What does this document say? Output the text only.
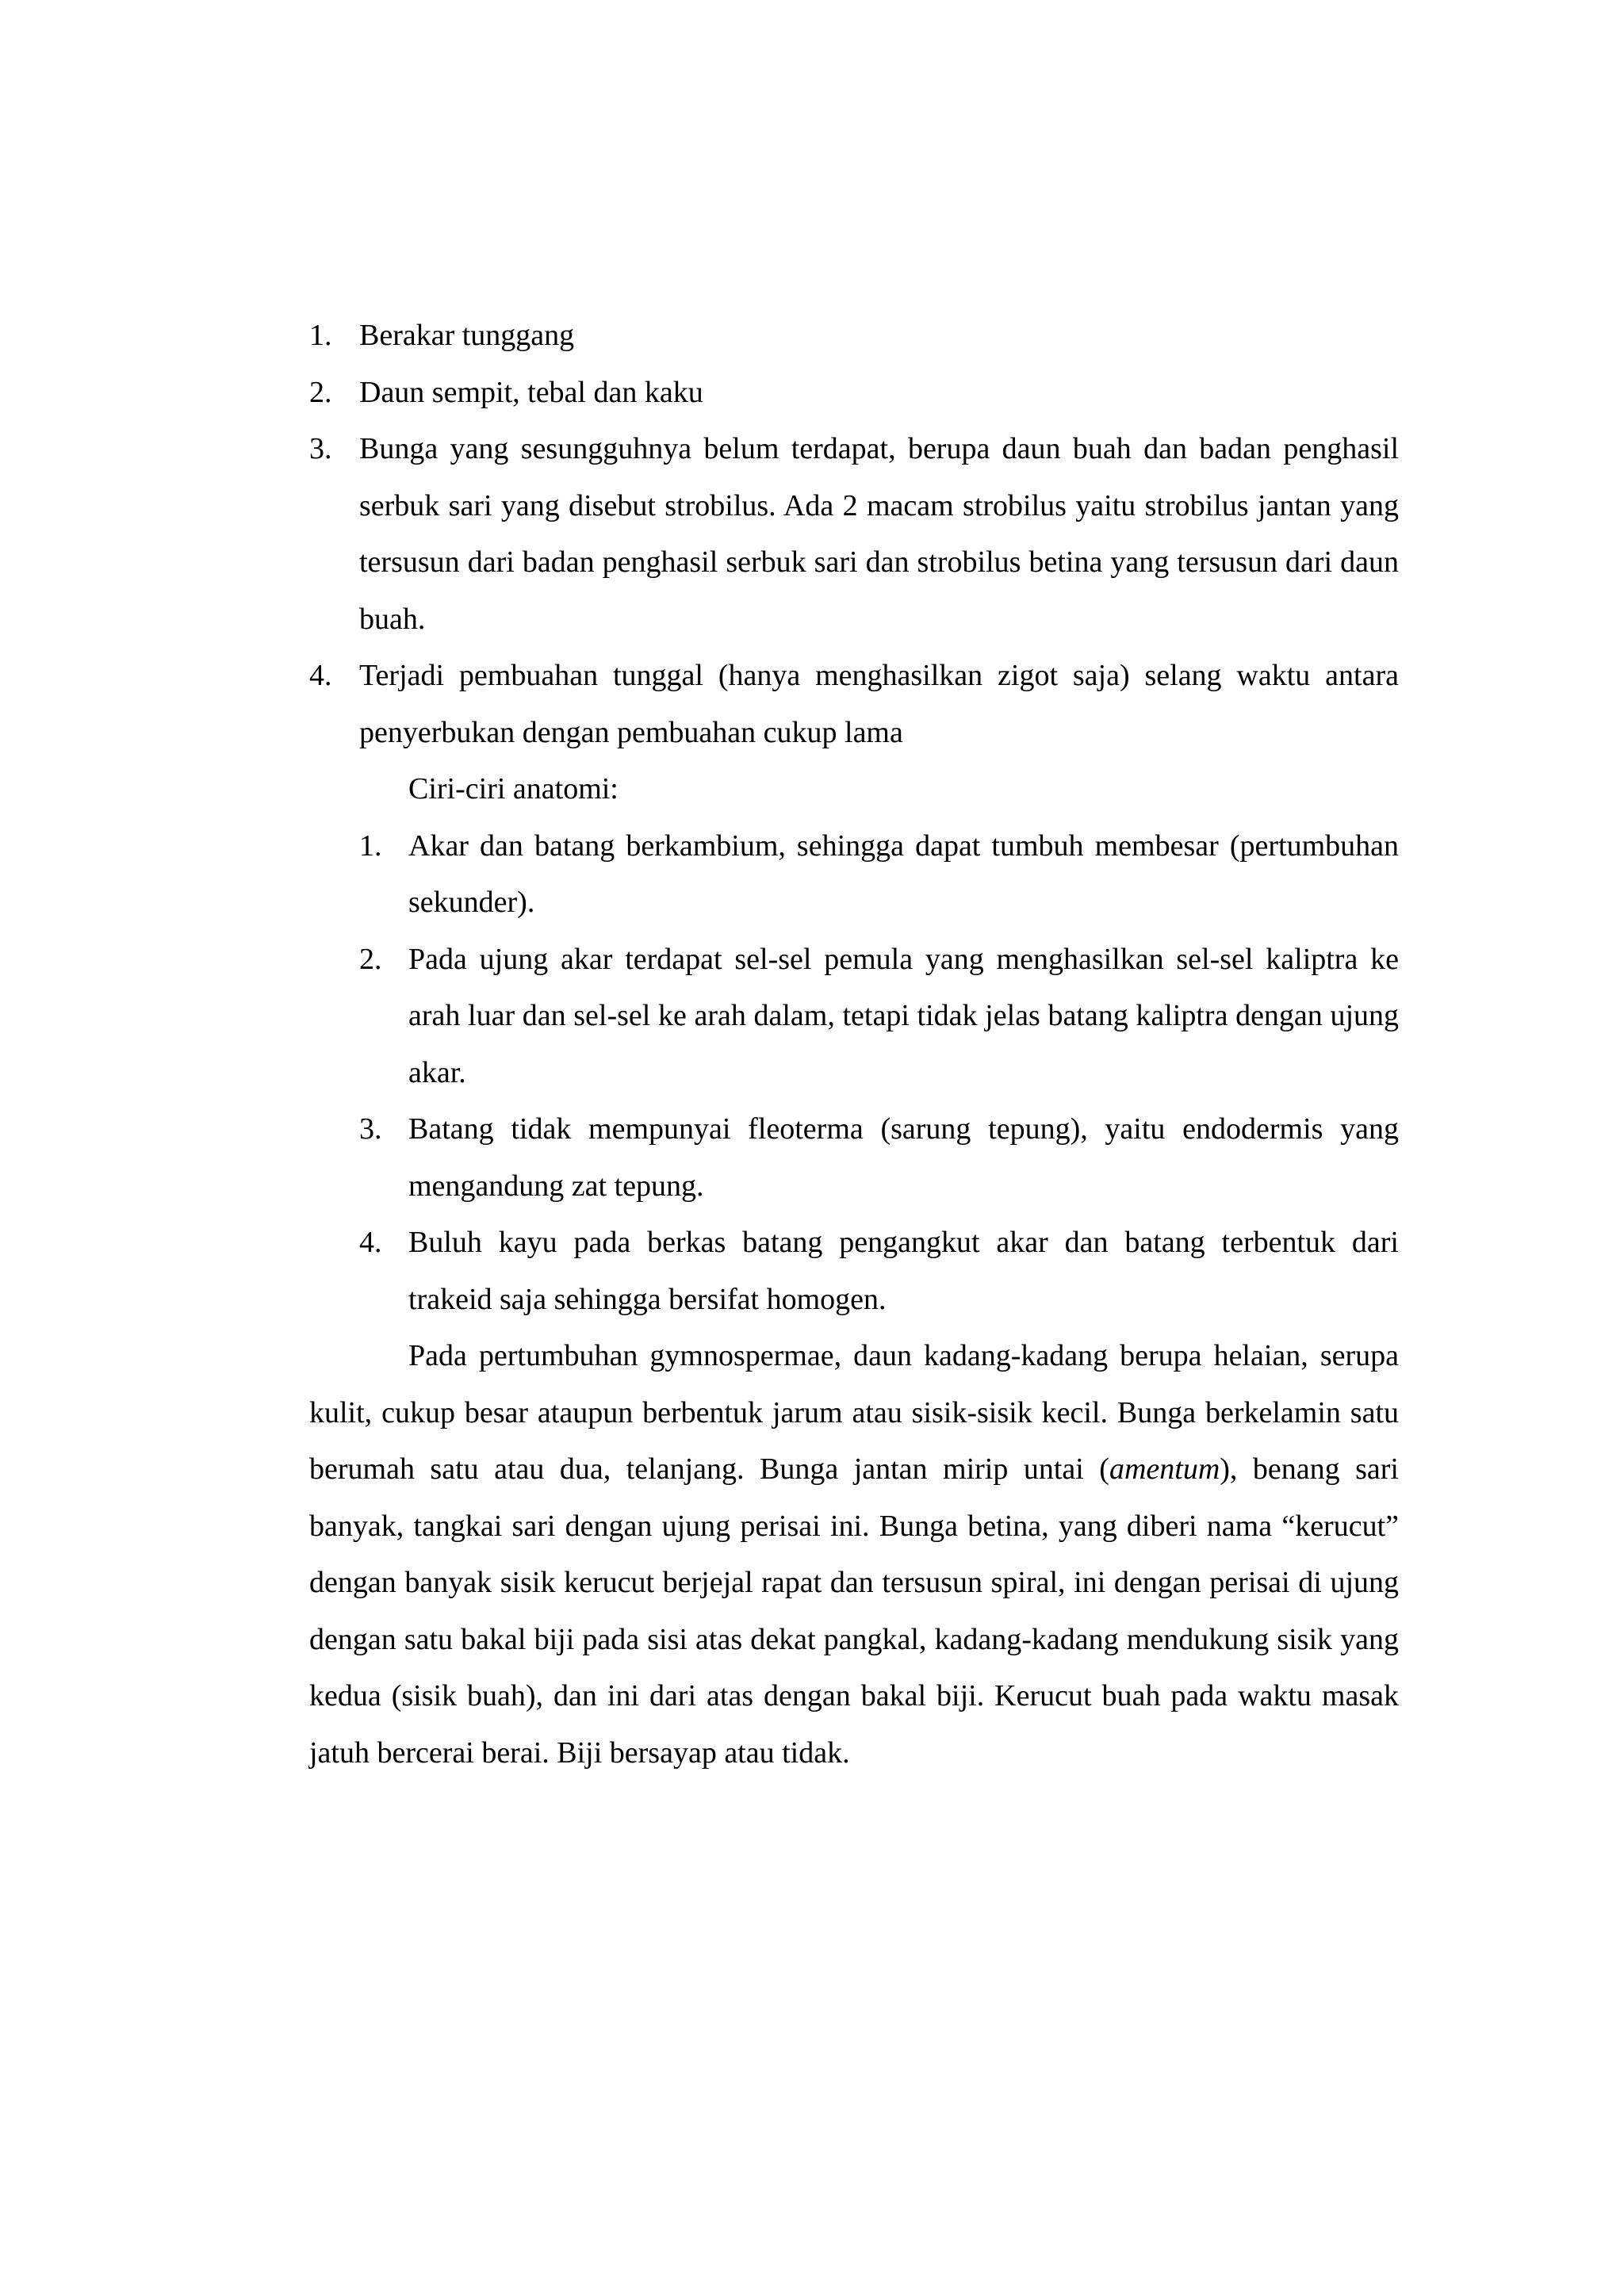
1. Berakar tunggang
2. Daun sempit, tebal dan kaku
3. Bunga yang sesungguhnya belum terdapat, berupa daun buah dan badan penghasil serbuk sari yang disebut strobilus. Ada 2 macam strobilus yaitu strobilus jantan yang tersusun dari badan penghasil serbuk sari dan strobilus betina yang tersusun dari daun buah.
4. Terjadi pembuahan tunggal (hanya menghasilkan zigot saja) selang waktu antara penyerbukan dengan pembuahan cukup lama
Ciri-ciri anatomi:
1. Akar dan batang berkambium, sehingga dapat tumbuh membesar (pertumbuhan sekunder).
2. Pada ujung akar terdapat sel-sel pemula yang menghasilkan sel-sel kaliptra ke arah luar dan sel-sel ke arah dalam, tetapi tidak jelas batang kaliptra dengan ujung akar.
3. Batang tidak mempunyai fleoterma (sarung tepung), yaitu endodermis yang mengandung zat tepung.
4. Buluh kayu pada berkas batang pengangkut akar dan batang terbentuk dari trakeid saja sehingga bersifat homogen.

Pada pertumbuhan gymnospermae, daun kadang-kadang berupa helaian, serupa kulit, cukup besar ataupun berbentuk jarum atau sisik-sisik kecil. Bunga berkelamin satu berumah satu atau dua, telanjang. Bunga jantan mirip untai (amentum), benang sari banyak, tangkai sari dengan ujung perisai ini. Bunga betina, yang diberi nama “kerucut” dengan banyak sisik kerucut berjejal rapat dan tersusun spiral, ini dengan perisai di ujung dengan satu bakal biji pada sisi atas dekat pangkal, kadang-kadang mendukung sisik yang kedua (sisik buah), dan ini dari atas dengan bakal biji. Kerucut buah pada waktu masak jatuh bercerai berai. Biji bersayap atau tidak.
